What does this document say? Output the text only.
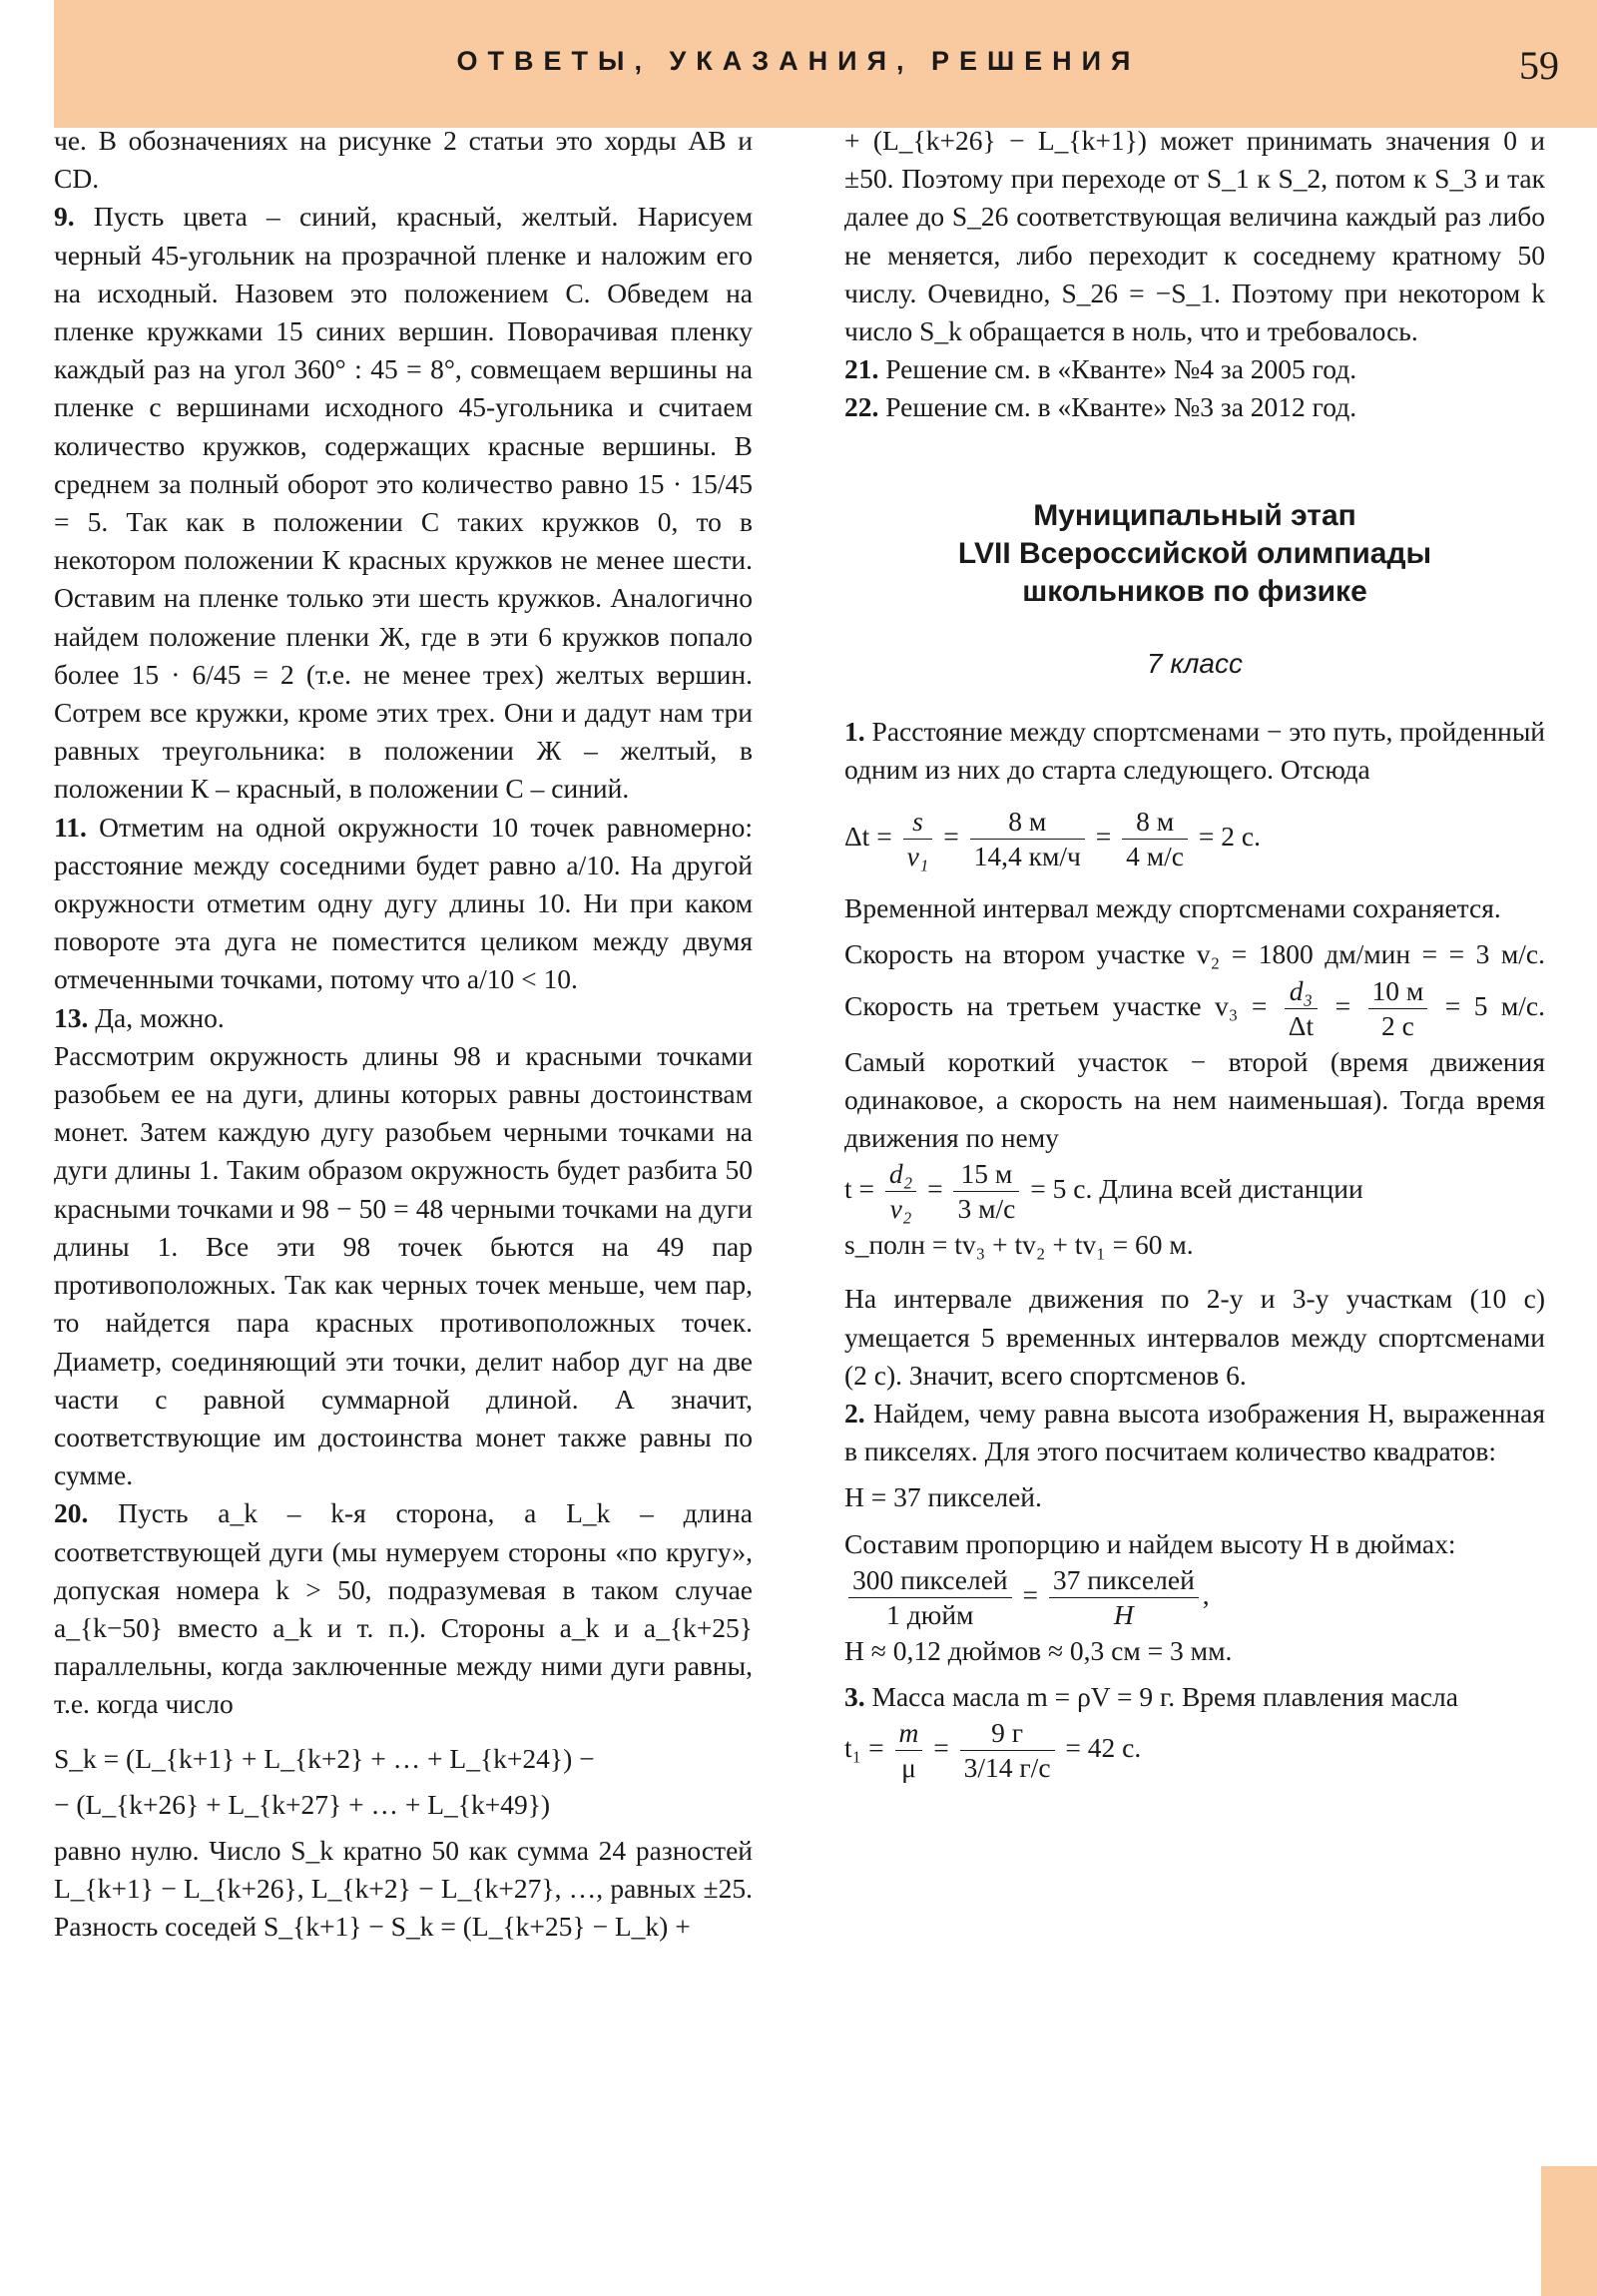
ОТВЕТЫ, УКАЗАНИЯ, РЕШЕНИЯ	59

че. В обозначениях на рисунке 2 статьи это хорды AB и CD.

9. Пусть цвета – синий, красный, желтый. Нарисуем черный 45-угольник на прозрачной пленке и наложим его на исходный. Назовем это положением С. Обведем на пленке кружками 15 синих вершин. Поворачивая пленку каждый раз на угол 360° : 45 = 8°, совмещаем вершины на пленке с вершинами исходного 45-угольника и считаем количество кружков, содержащих красные вершины. В среднем за полный оборот это количество равно 15 · 15/45 = 5. Так как в положении С таких кружков 0, то в некотором положении К красных кружков не менее шести. Оставим на пленке только эти шесть кружков. Аналогично найдем положение пленки Ж, где в эти 6 кружков попало более 15 · 6/45 = 2 (т.е. не менее трех) желтых вершин. Сотрем все кружки, кроме этих трех. Они и дадут нам три равных треугольника: в положении Ж – желтый, в положении К – красный, в положении С – синий.

11. Отметим на одной окружности 10 точек равномерно: расстояние между соседними будет равно a/10. На другой окружности отметим одну дугу длины 10. Ни при каком повороте эта дуга не поместится целиком между двумя отмеченными точками, потому что a/10 < 10.

13. Да, можно.

Рассмотрим окружность длины 98 и красными точками разобьем ее на дуги, длины которых равны достоинствам монет. Затем каждую дугу разобьем черными точками на дуги длины 1. Таким образом окружность будет разбита 50 красными точками и 98 − 50 = 48 черными точками на дуги длины 1. Все эти 98 точек бьются на 49 пар противоположных. Так как черных точек меньше, чем пар, то найдется пара красных противоположных точек. Диаметр, соединяющий эти точки, делит набор дуг на две части с равной суммарной длиной. А значит, соответствующие им достоинства монет также равны по сумме.

20. Пусть a_k – k-я сторона, а L_k – длина соответствующей дуги (мы нумеруем стороны «по кругу», допуская номера k > 50, подразумевая в таком случае a_{k−50} вместо a_k и т. п.). Стороны a_k и a_{k+25} параллельны, когда заключенные между ними дуги равны, т.е. когда число

S_k = (L_{k+1} + L_{k+2} + … + L_{k+24}) −

− (L_{k+26} + L_{k+27} + … + L_{k+49})

равно нулю. Число S_k кратно 50 как сумма 24 разностей L_{k+1} − L_{k+26}, L_{k+2} − L_{k+27}, …, равных ±25. Разность соседей S_{k+1} − S_k = (L_{k+25} − L_k) +

+ (L_{k+26} − L_{k+1}) может принимать значения 0 и ±50. Поэтому при переходе от S_1 к S_2, потом к S_3 и так далее до S_26 соответствующая величина каждый раз либо не меняется, либо переходит к соседнему кратному 50 числу. Очевидно, S_26 = −S_1. Поэтому при некотором k число S_k обращается в ноль, что и требовалось.

21. Решение см. в «Кванте» №4 за 2005 год.

22. Решение см. в «Кванте» №3 за 2012 год.

Муниципальный этап
LVII Всероссийской олимпиады
школьников по физике
7 класс

1. Расстояние между спортсменами − это путь, пройденный одним из них до старта следующего. Отсюда

$\Delta t = \frac{s}{\text{v₁}} = \frac{8 м}{14,4 км/ч} = \frac{8 м}{4 м/с} = 2$ с.

Временной интервал между спортсменами сохраняется.

Скорость на втором участке v₂ = 1800 дм/мин = = 3 м/с. Скорость на третьем участке $v_3 = \frac{\text{d₃}}{\Delta t} = \frac{10 м}{2 с} = 5$ м/с. Самый короткий участок − второй (время движения одинаковое, а скорость на нем наименьшая). Тогда время движения по нему

$t = \frac{\text{d₂}}{\text{v₂}} = \frac{15 м}{3 м/с} = 5$ с. Длина всей дистанции

s_полн = tv₃ + tv₂ + tv₁ = 60 м.

На интервале движения по 2-у и 3-у участкам (10 с) умещается 5 временных интервалов между спортсменами (2 с). Значит, всего спортсменов 6.

2. Найдем, чему равна высота изображения H, выраженная в пикселях. Для этого посчитаем количество квадратов:

H = 37 пикселей.

Составим пропорцию и найдем высоту H в дюймах:

$\frac{\text{300 пикселей}}{\text{1 дюйм}} = \frac{\text{37 пикселей}}{H}$ ,

H ≈ 0,12 дюймов ≈ 0,3 см = 3 мм.

3. Масса масла m = ρV = 9 г. Время плавления масла

$t_1 = \frac{m}{\mu} = \frac{9 г}{3/14 г/с} = 42$ с.
